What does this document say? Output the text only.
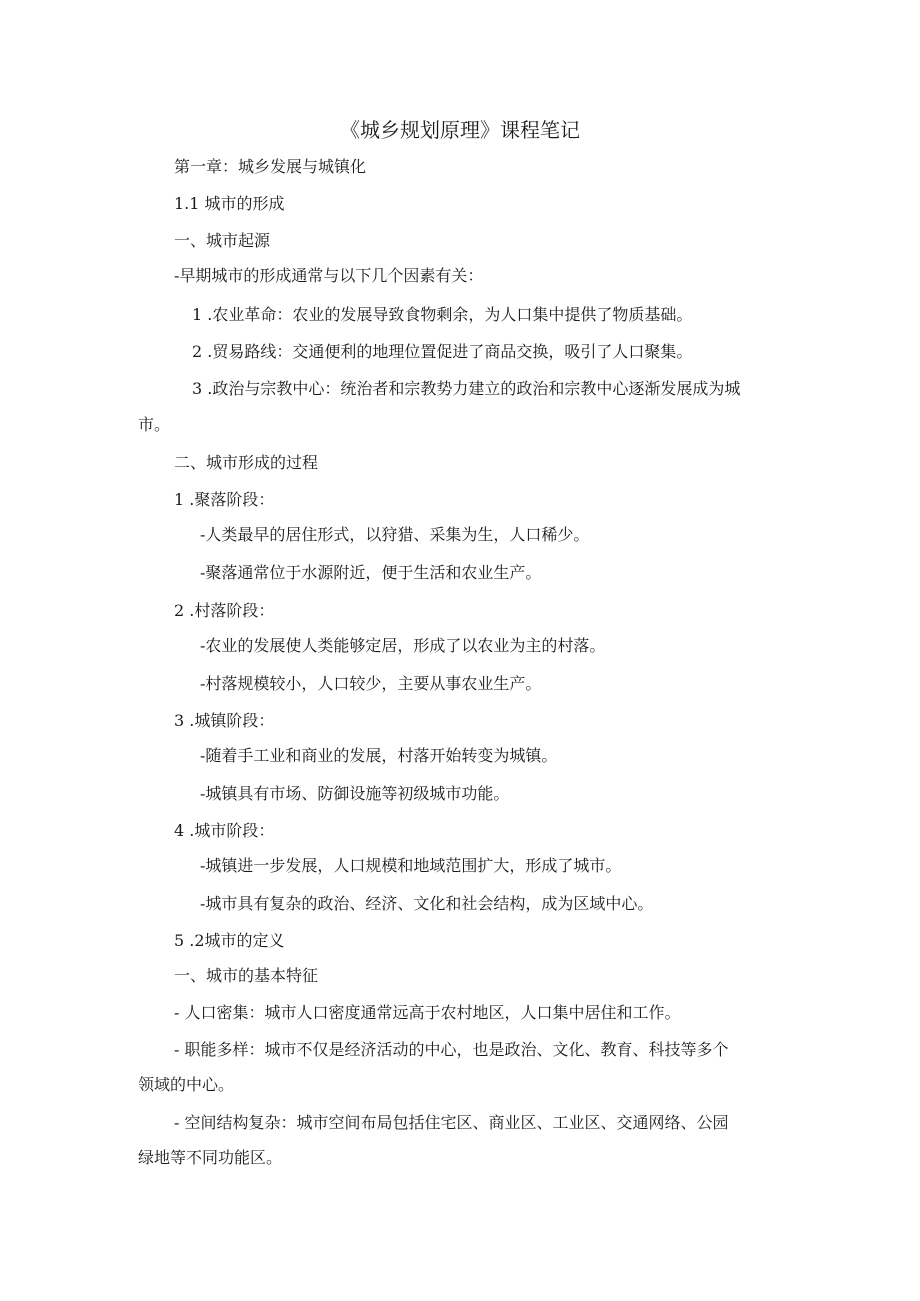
《城乡规划原理》课程笔记
第一章：城乡发展与城镇化
1.1 城市的形成
一、城市起源
-早期城市的形成通常与以下几个因素有关：
1 .农业革命：农业的发展导致食物剩余，为人口集中提供了物质基础。
2 .贸易路线：交通便利的地理位置促进了商品交换，吸引了人口聚集。
3 .政治与宗教中心：统治者和宗教势力建立的政治和宗教中心逐渐发展成为城
市。
二、城市形成的过程
1 .聚落阶段：
-人类最早的居住形式，以狩猎、采集为生，人口稀少。
-聚落通常位于水源附近，便于生活和农业生产。
2 .村落阶段：
-农业的发展使人类能够定居，形成了以农业为主的村落。
-村落规模较小，人口较少，主要从事农业生产。
3 .城镇阶段：
-随着手工业和商业的发展，村落开始转变为城镇。
-城镇具有市场、防御设施等初级城市功能。
4 .城市阶段：
-城镇进一步发展，人口规模和地域范围扩大，形成了城市。
-城市具有复杂的政治、经济、文化和社会结构，成为区域中心。
5 .2城市的定义
一、城市的基本特征
- 人口密集：城市人口密度通常远高于农村地区，人口集中居住和工作。
- 职能多样：城市不仅是经济活动的中心，也是政治、文化、教育、科技等多个
领域的中心。
- 空间结构复杂：城市空间布局包括住宅区、商业区、工业区、交通网络、公园
绿地等不同功能区。
